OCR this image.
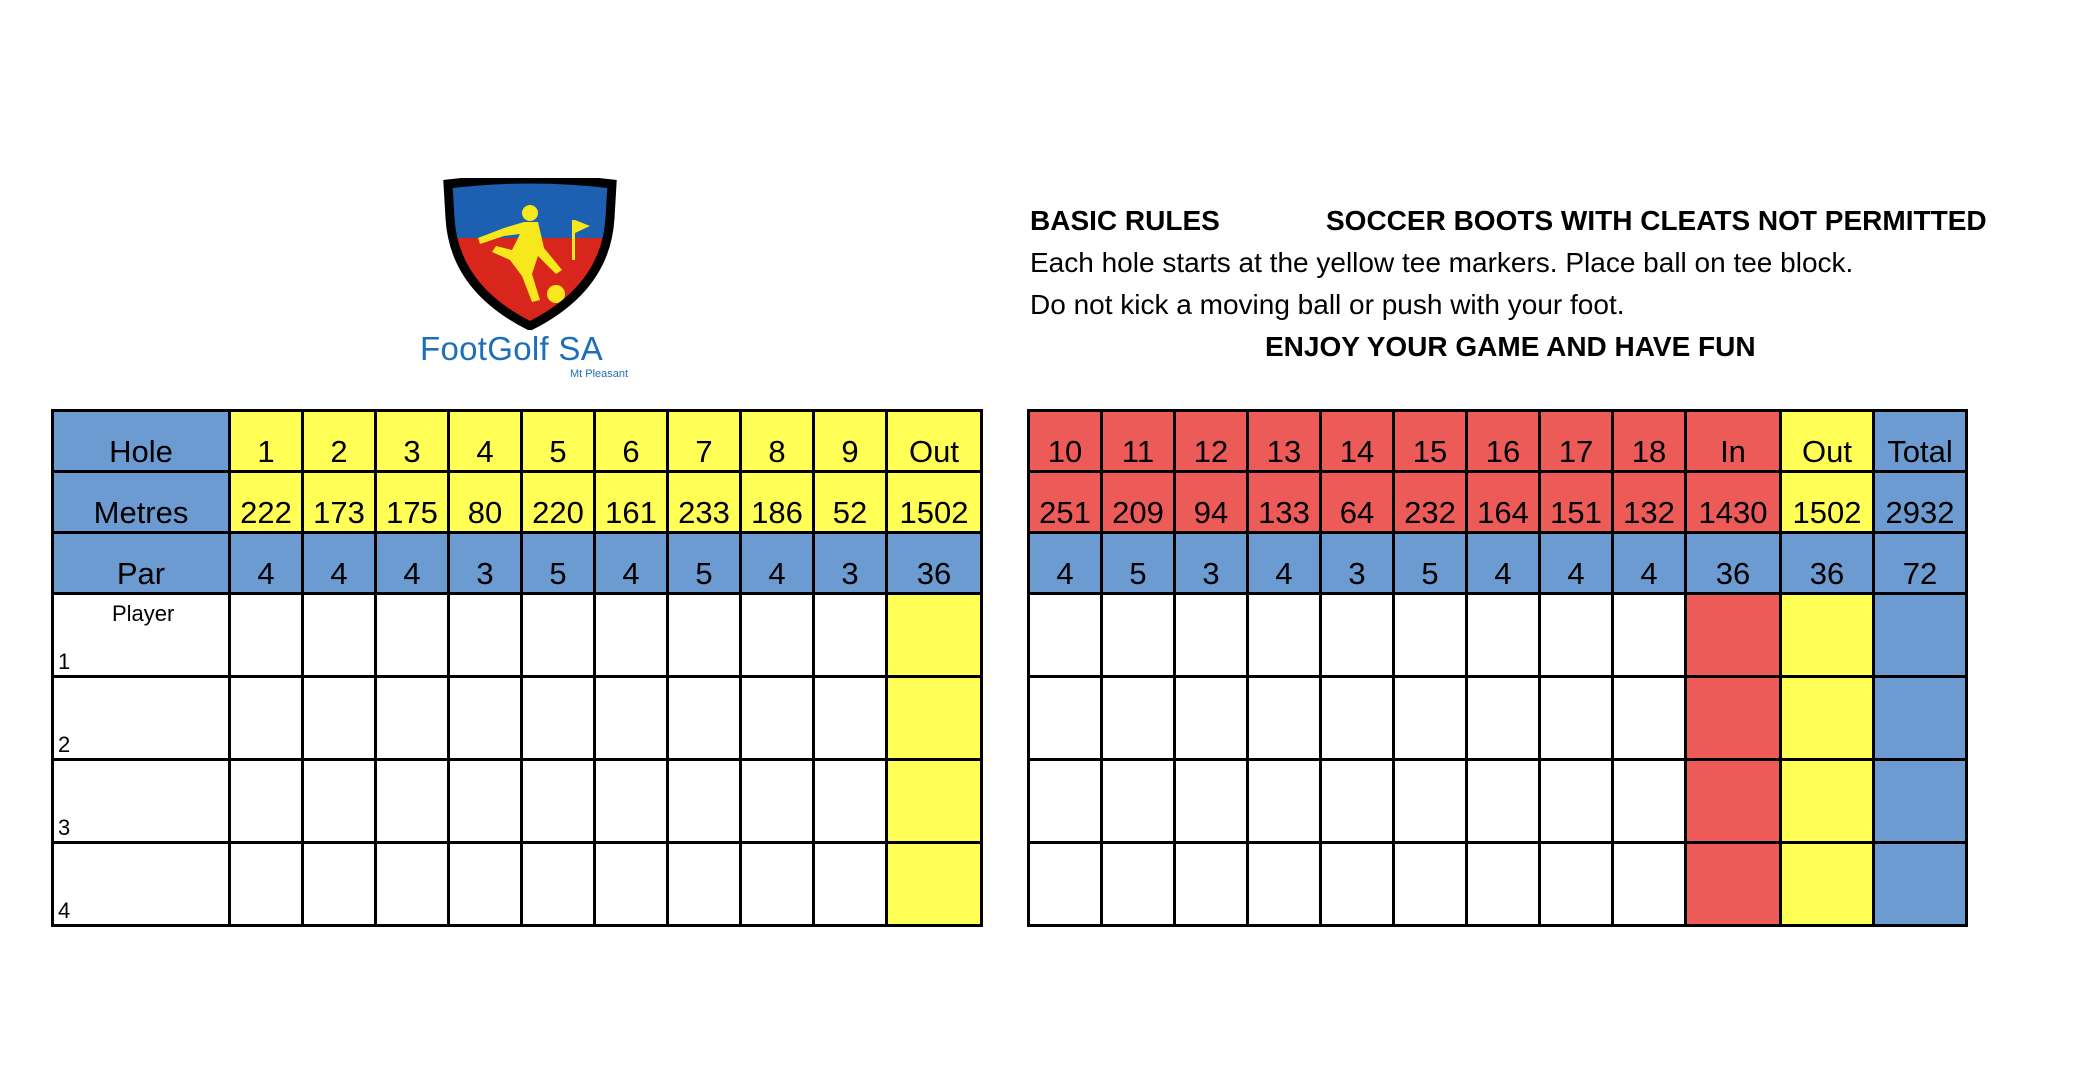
FootGolf SA
Mt Pleasant
BASIC RULES	SOCCER BOOTS WITH CLEATS NOT PERMITTED
Each hole starts at the yellow tee markers. Place ball on tee block.
Do not kick a moving ball or push with your foot.
ENJOY YOUR GAME AND HAVE FUN
Hole	1	2	3	4	5	6	7	8	9	Out
Metres	222	173	175	80	220	161	233	186	52	1502
Par	4	4	4	3	5	4	5	4	3	36

Player
1										

2										

3										

4										

10	11	12	13	14	15	16	17	18	In	Out	Total
251	209	94	133	64	232	164	151	132	1430	1502	2932
4	5	3	4	3	5	4	4	4	36	36	72
